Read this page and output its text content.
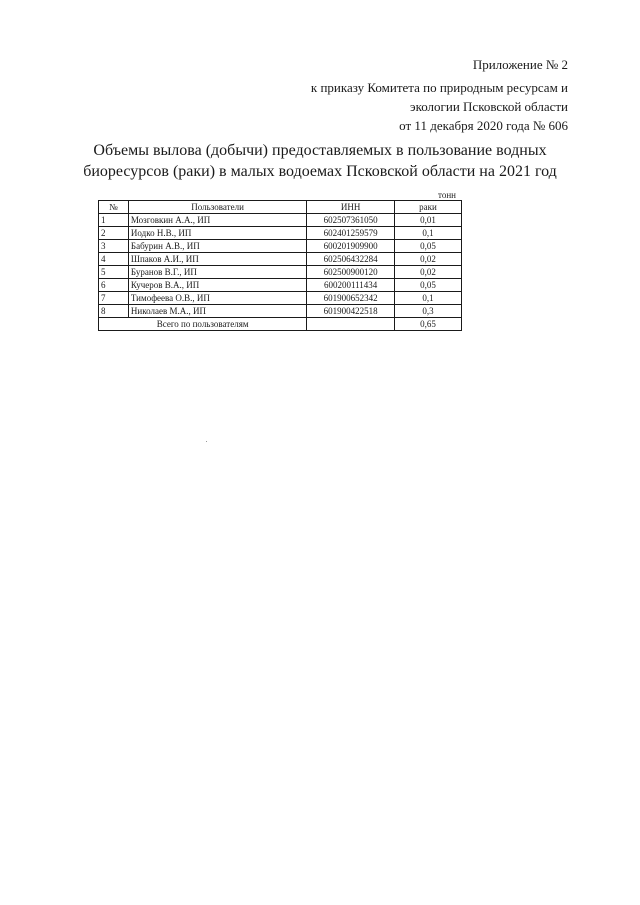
Приложение № 2
к приказу Комитета по природным ресурсам и
экологии Псковской области
от 11 декабря 2020 года № 606
Объемы вылова (добычи) предоставляемых в пользование водных
биоресурсов (раки) в малых водоемах Псковской области на 2021 год
тонн
№	Пользователи	ИНН	раки
1	Мозговкин А.А., ИП	602507361050	0,01
2	Иодко Н.В., ИП	602401259579	0,1
3	Бабурин А.В., ИП	600201909900	0,05
4	Шпаков А.И., ИП	602506432284	0,02
5	Буранов В.Г., ИП	602500900120	0,02
6	Кучеров В.А., ИП	600200111434	0,05
7	Тимофеева О.В., ИП	601900652342	0,1
8	Николаев М.А., ИП	601900422518	0,3
Всего по пользователям			0,65
